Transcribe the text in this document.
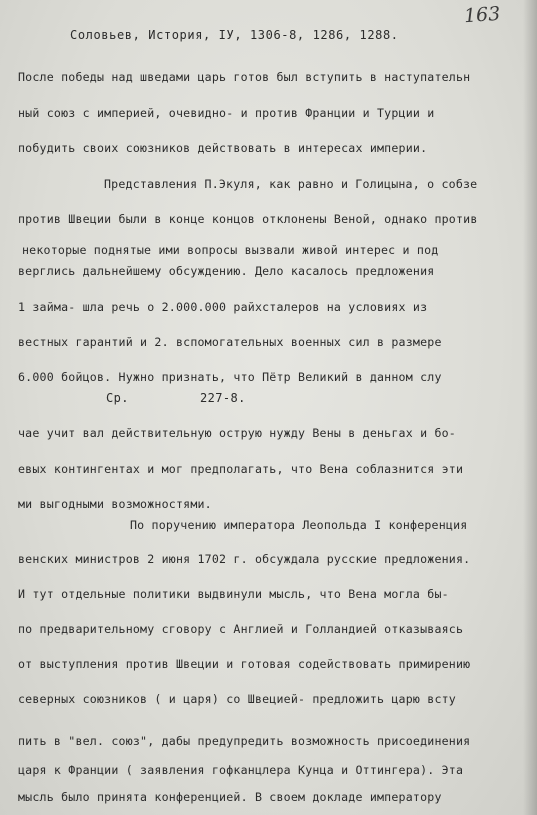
163
Соловьев, История, IУ, 1306-8, 1286, 1288.
После победы над шведами царь готов был вступить в наступательн
ный союз с империей, очевидно- и против Франции и Турции и
побудить своих союзников действовать в интересах империи.
Представления П.Экуля, как равно и Голицына, о собзе
против Швеции были в конце концов отклонены Веной, однако против
некоторые поднятые ими вопросы вызвали живой интерес и под
верглись дальнейшему обсуждению. Дело касалось предложения
1 займа- шла речь о 2.000.000 райхсталеров на условиях из
вестных гарантий и 2. вспомогательных военных сил в размере
6.000 бойцов. Нужно признать, что Пётр Великий в данном слу
Ср.	227-8.
чае учит вал действительную острую нужду Вены в деньгах и бо-
евых контингентах и мог предполагать, что Вена соблазнится эти
ми выгодными возможностями.
По поручению императора Леопольда I конференция
венских министров 2 июня 1702 г. обсуждала русские предложения.
И тут отдельные политики выдвинули мысль, что Вена могла бы-
по предварительному сговору с Англией и Голландией отказываясь
от выступления против Швеции и готовая содействовать примирению
северных союзников ( и царя) со Швецией- предложить царю всту
пить в "вел. союз", дабы предупредить возможность присоединения
царя к Франции ( заявления гофканцлера Кунца и Оттингера). Эта
мысль было принята конференцией. В своем докладе императору
